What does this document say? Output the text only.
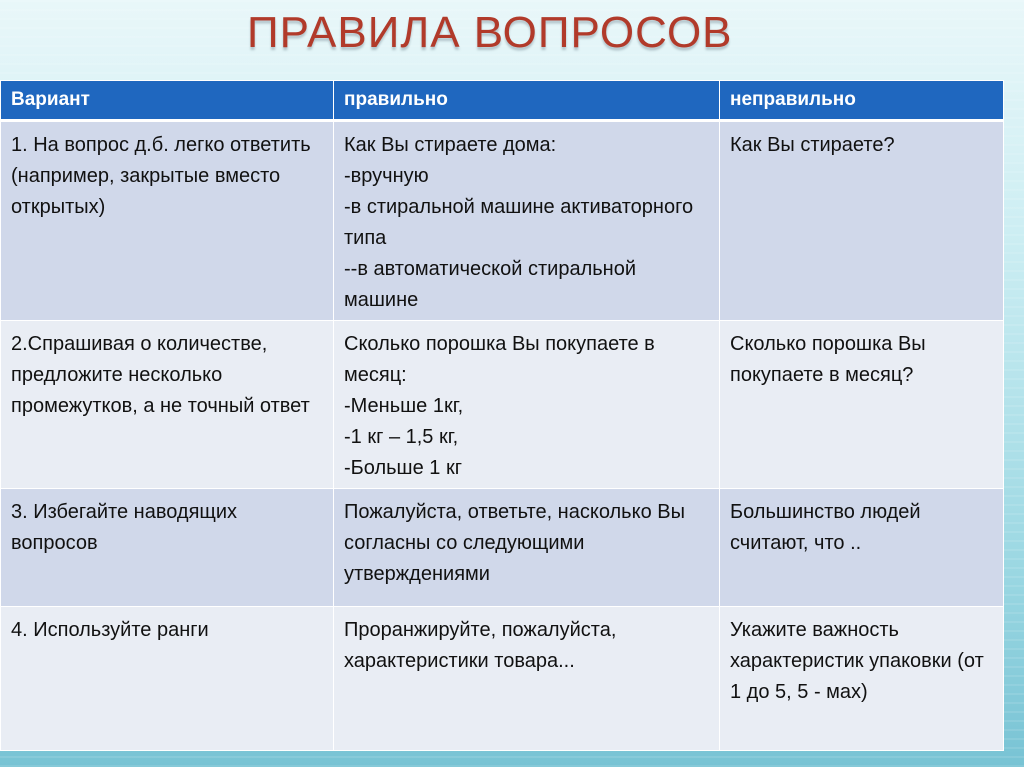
ПРАВИЛА ВОПРОСОВ
Вариант	правильно	неправильно
1. На вопрос д.б. легко ответить (например, закрытые вместо открытых)	Как Вы стираете дома:
-вручную
-в стиральной машине активаторного типа
--в автоматической стиральной машине	Как Вы стираете?
2.Спрашивая о количестве, предложите несколько промежутков, а не точный ответ	Сколько порошка Вы покупаете в месяц:
-Меньше 1кг,
-1 кг – 1,5 кг,
-Больше 1 кг	Сколько порошка Вы покупаете в месяц?
3. Избегайте наводящих вопросов	Пожалуйста, ответьте, насколько Вы согласны со следующими утверждениями	Большинство людей считают, что ..
4. Используйте ранги	Проранжируйте, пожалуйста, характеристики товара...	Укажите важность характеристик упаковки (от 1 до 5, 5 - мах)
